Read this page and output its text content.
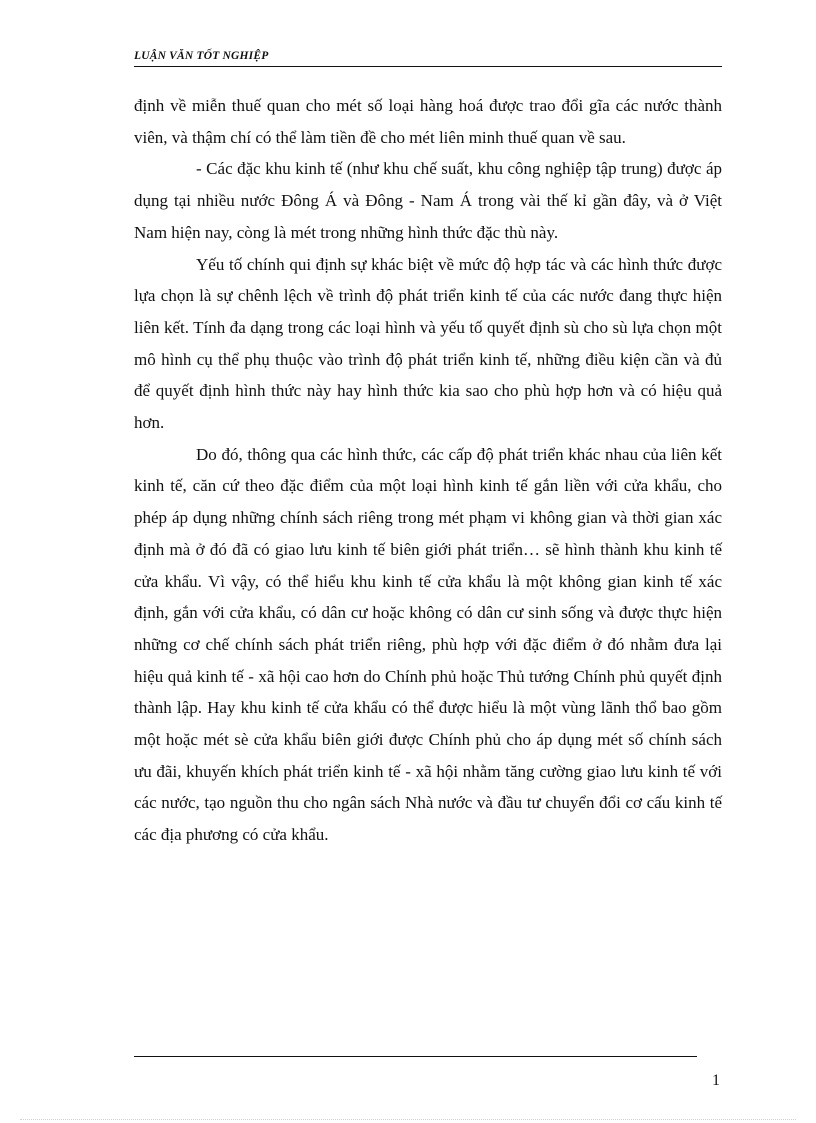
LUẬN VĂN TỐT NGHIỆP

định về miễn thuế quan cho mét số loại hàng hoá được trao đổi gĩa các nước thành viên, và thậm chí có thể làm tiền đề cho mét liên minh thuế quan về sau.

- Các đặc khu kinh tế (như khu chế suất, khu công nghiệp tập trung) được áp dụng tại nhiều nước Đông Á và Đông - Nam Á trong vài thế kỉ gần đây, và ở Việt Nam hiện nay, còng là mét trong những hình thức đặc thù này.

Yếu tố chính qui định sự khác biệt về mức độ hợp tác và các hình thức được lựa chọn là sự chênh lệch về trình độ phát triển kinh tế của các nước đang thực hiện liên kết. Tính đa dạng trong các loại hình và yếu tố quyết định sù cho sù lựa chọn một mô hình cụ thể phụ thuộc vào trình độ phát triển kinh tế, những điều kiện cần và đủ để quyết định hình thức này hay hình thức kia sao cho phù hợp hơn và có hiệu quả hơn.

Do đó, thông qua các hình thức, các cấp độ phát triển khác nhau của liên kết kinh tế, căn cứ theo đặc điểm của một loại hình kinh tế gắn liền với cửa khẩu, cho phép áp dụng những chính sách riêng trong mét phạm vi không gian và thời gian xác định mà ở đó đã có giao lưu kinh tế biên giới phát triển… sẽ hình thành khu kinh tế cửa khẩu. Vì vậy, có thể hiểu khu kinh tế cửa khẩu là một không gian kinh tế xác định, gắn với cửa khẩu, có dân cư hoặc không có dân cư sinh sống và được thực hiện những cơ chế chính sách phát triển riêng, phù hợp với đặc điểm ở đó nhằm đưa lại hiệu quả kinh tế - xã hội cao hơn do Chính phủ hoặc Thủ tướng Chính phủ quyết định thành lập. Hay khu kinh tế cửa khẩu có thể được hiểu là một vùng lãnh thổ bao gồm một hoặc mét sè cửa khẩu biên giới được Chính phủ cho áp dụng mét số chính sách ưu đãi, khuyến khích phát triển kinh tế - xã hội nhằm tăng cường giao lưu kinh tế với các nước, tạo nguồn thu cho ngân sách Nhà nước và đầu tư chuyển đổi cơ cấu kinh tế các địa phương có cửa khẩu.

1
